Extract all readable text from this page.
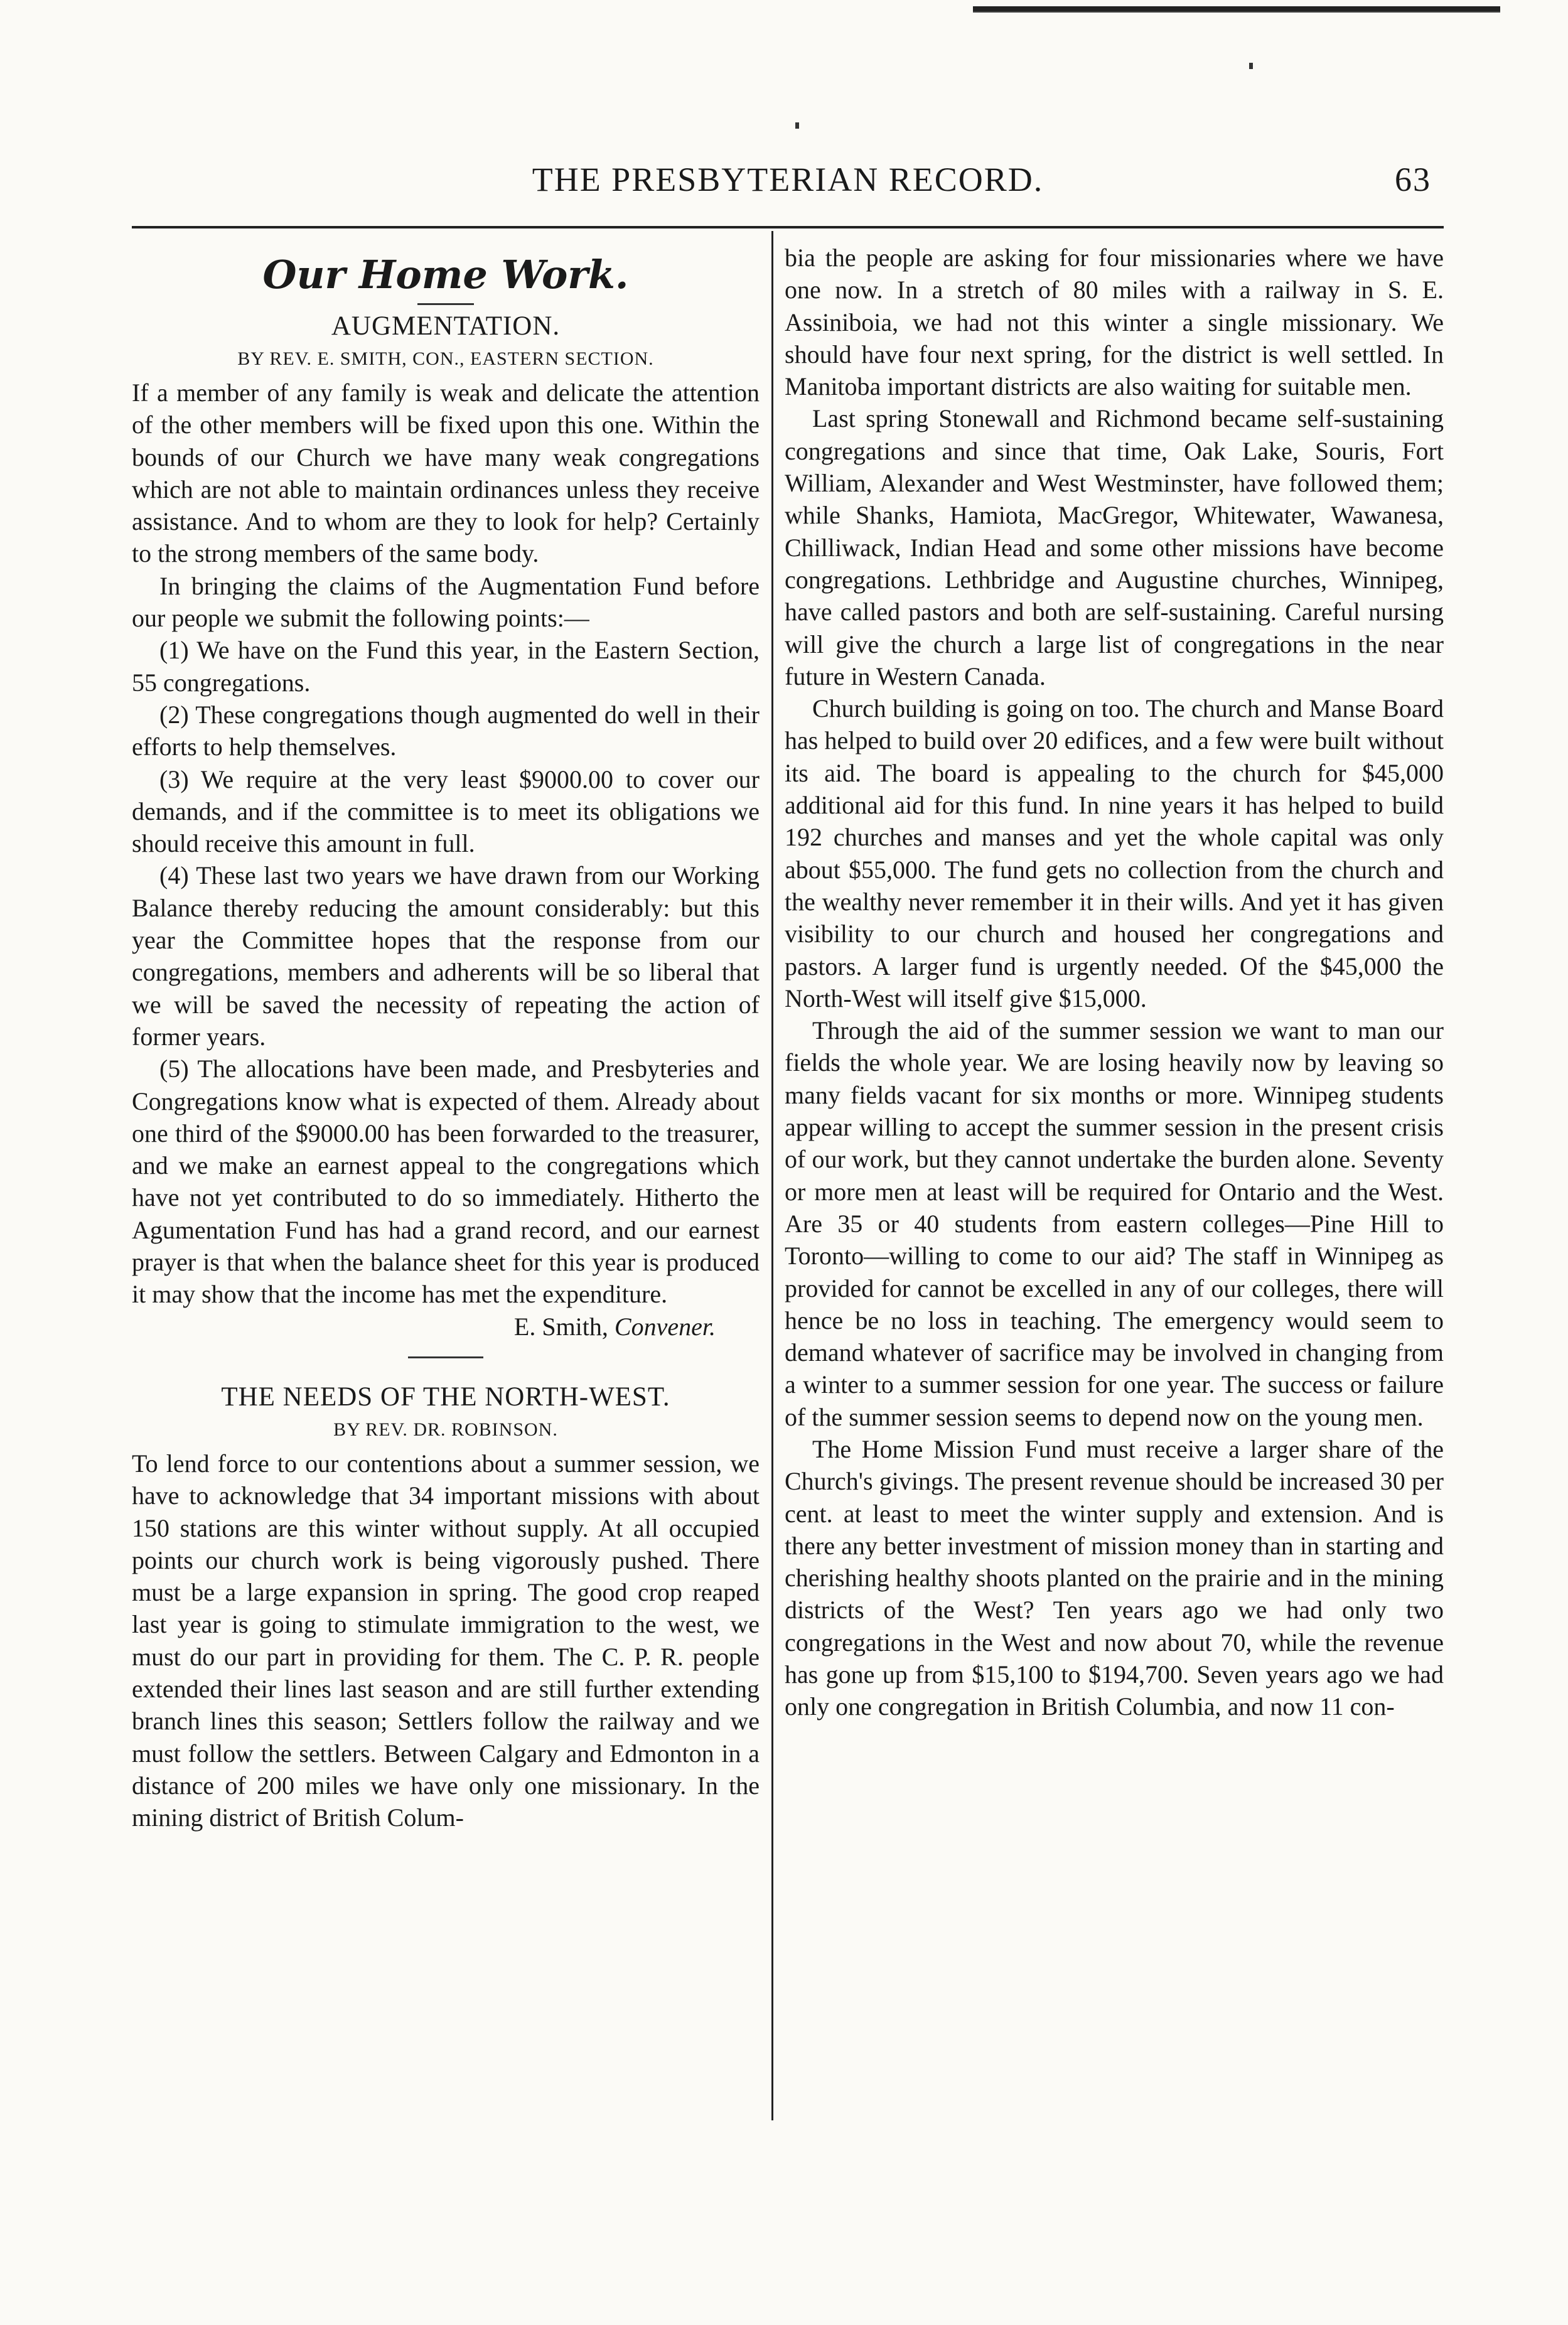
THE PRESBYTERIAN RECORD.	63
Our Home Work.
AUGMENTATION.
BY REV. E. SMITH, CON., EASTERN SECTION.

If a member of any family is weak and delicate the attention of the other members will be fixed upon this one. Within the bounds of our Church we have many weak congregations which are not able to maintain ordinances unless they receive assistance. And to whom are they to look for help? Certainly to the strong members of the same body.

In bringing the claims of the Augmentation Fund before our people we submit the following points:—

(1) We have on the Fund this year, in the Eastern Section, 55 congregations.

(2) These congregations though augmented do well in their efforts to help themselves.

(3) We require at the very least $9000.00 to cover our demands, and if the committee is to meet its obligations we should receive this amount in full.

(4) These last two years we have drawn from our Working Balance thereby reducing the amount considerably: but this year the Committee hopes that the response from our congregations, members and adherents will be so liberal that we will be saved the necessity of repeating the action of former years.

(5) The allocations have been made, and Presbyteries and Congregations know what is expected of them. Already about one third of the $9000.00 has been forwarded to the treasurer, and we make an earnest appeal to the congregations which have not yet contributed to do so immediately. Hitherto the Agumentation Fund has had a grand record, and our earnest prayer is that when the balance sheet for this year is produced it may show that the income has met the expenditure.

E. Smith, Convener.
THE NEEDS OF THE NORTH-WEST.
BY REV. DR. ROBINSON.

To lend force to our contentions about a summer session, we have to acknowledge that 34 important missions with about 150 stations are this winter without supply. At all occupied points our church work is being vigorously pushed. There must be a large expansion in spring. The good crop reaped last year is going to stimulate immigration to the west, we must do our part in providing for them. The C. P. R. people extended their lines last season and are still further extending branch lines this season; Settlers follow the railway and we must follow the settlers. Between Calgary and Edmonton in a distance of 200 miles we have only one missionary. In the mining district of British Colum-

bia the people are asking for four missionaries where we have one now. In a stretch of 80 miles with a railway in S. E. Assiniboia, we had not this winter a single missionary. We should have four next spring, for the district is well settled. In Manitoba important districts are also waiting for suitable men.

Last spring Stonewall and Richmond became self-sustaining congregations and since that time, Oak Lake, Souris, Fort William, Alexander and West Westminster, have followed them; while Shanks, Hamiota, MacGregor, Whitewater, Wawanesa, Chilliwack, Indian Head and some other missions have become congregations. Lethbridge and Augustine churches, Winnipeg, have called pastors and both are self-sustaining. Careful nursing will give the church a large list of congregations in the near future in Western Canada.

Church building is going on too. The church and Manse Board has helped to build over 20 edifices, and a few were built without its aid. The board is appealing to the church for $45,000 additional aid for this fund. In nine years it has helped to build 192 churches and manses and yet the whole capital was only about $55,000. The fund gets no collection from the church and the wealthy never remember it in their wills. And yet it has given visibility to our church and housed her congregations and pastors. A larger fund is urgently needed. Of the $45,000 the North-West will itself give $15,000.

Through the aid of the summer session we want to man our fields the whole year. We are losing heavily now by leaving so many fields vacant for six months or more. Winnipeg students appear willing to accept the summer session in the present crisis of our work, but they cannot undertake the burden alone. Seventy or more men at least will be required for Ontario and the West. Are 35 or 40 students from eastern colleges—Pine Hill to Toronto—willing to come to our aid? The staff in Winnipeg as provided for cannot be excelled in any of our colleges, there will hence be no loss in teaching. The emergency would seem to demand whatever of sacrifice may be involved in changing from a winter to a summer session for one year. The success or failure of the summer session seems to depend now on the young men.

The Home Mission Fund must receive a larger share of the Church's givings. The present revenue should be increased 30 per cent. at least to meet the winter supply and extension. And is there any better investment of mission money than in starting and cherishing healthy shoots planted on the prairie and in the mining districts of the West? Ten years ago we had only two congregations in the West and now about 70, while the revenue has gone up from $15,100 to $194,700. Seven years ago we had only one congregation in British Columbia, and now 11 con-
